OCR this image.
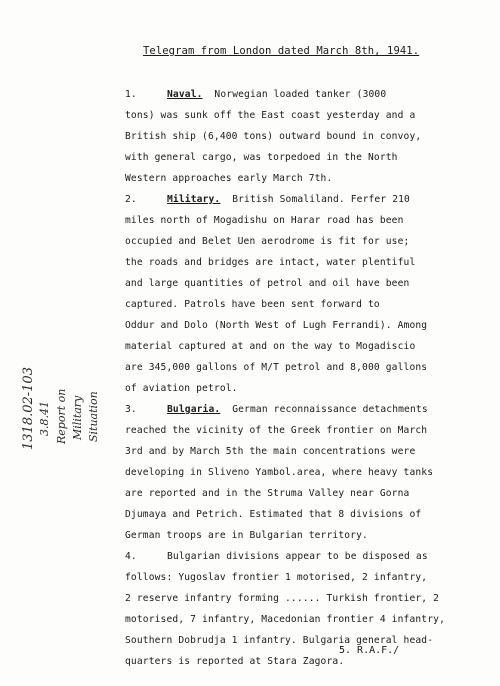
Telegram from London dated March 8th, 1941.
1.	Naval. Norwegian loaded tanker (3000
tons) was sunk off the East coast yesterday and a
British ship (6,400 tons) outward bound in convoy,
with general cargo, was torpedoed in the North
Western approaches early March 7th.
2.	Military. British Somaliland. Ferfer 210
miles north of Mogadishu on Harar road has been
occupied and Belet Uen aerodrome is fit for use;
the roads and bridges are intact, water plentiful
and large quantities of petrol and oil have been
captured. Patrols have been sent forward to
Oddur and Dolo (North West of Lugh Ferrandi). Among
material captured at and on the way to Mogadiscio
are 345,000 gallons of M/T petrol and 8,000 gallons
of aviation petrol.
3.	Bulgaria. German reconnaissance detachments
reached the vicinity of the Greek frontier on March
3rd and by March 5th the main concentrations were
developing in Sliveno Yambol.area, where heavy tanks
are reported and in the Struma Valley near Gorna
Djumaya and Petrich. Estimated that 8 divisions of
German troops are in Bulgarian territory.
4.	Bulgarian divisions appear to be disposed as
follows: Yugoslav frontier 1 motorised, 2 infantry,
2 reserve infantry forming ...... Turkish frontier, 2
motorised, 7 infantry, Macedonian frontier 4 infantry,
Southern Dobrudja 1 infantry. Bulgaria general head-
quarters is reported at Stara Zagora.
5. R.A.F./
1318.02-103 3.8.41 Report on Military Situation
